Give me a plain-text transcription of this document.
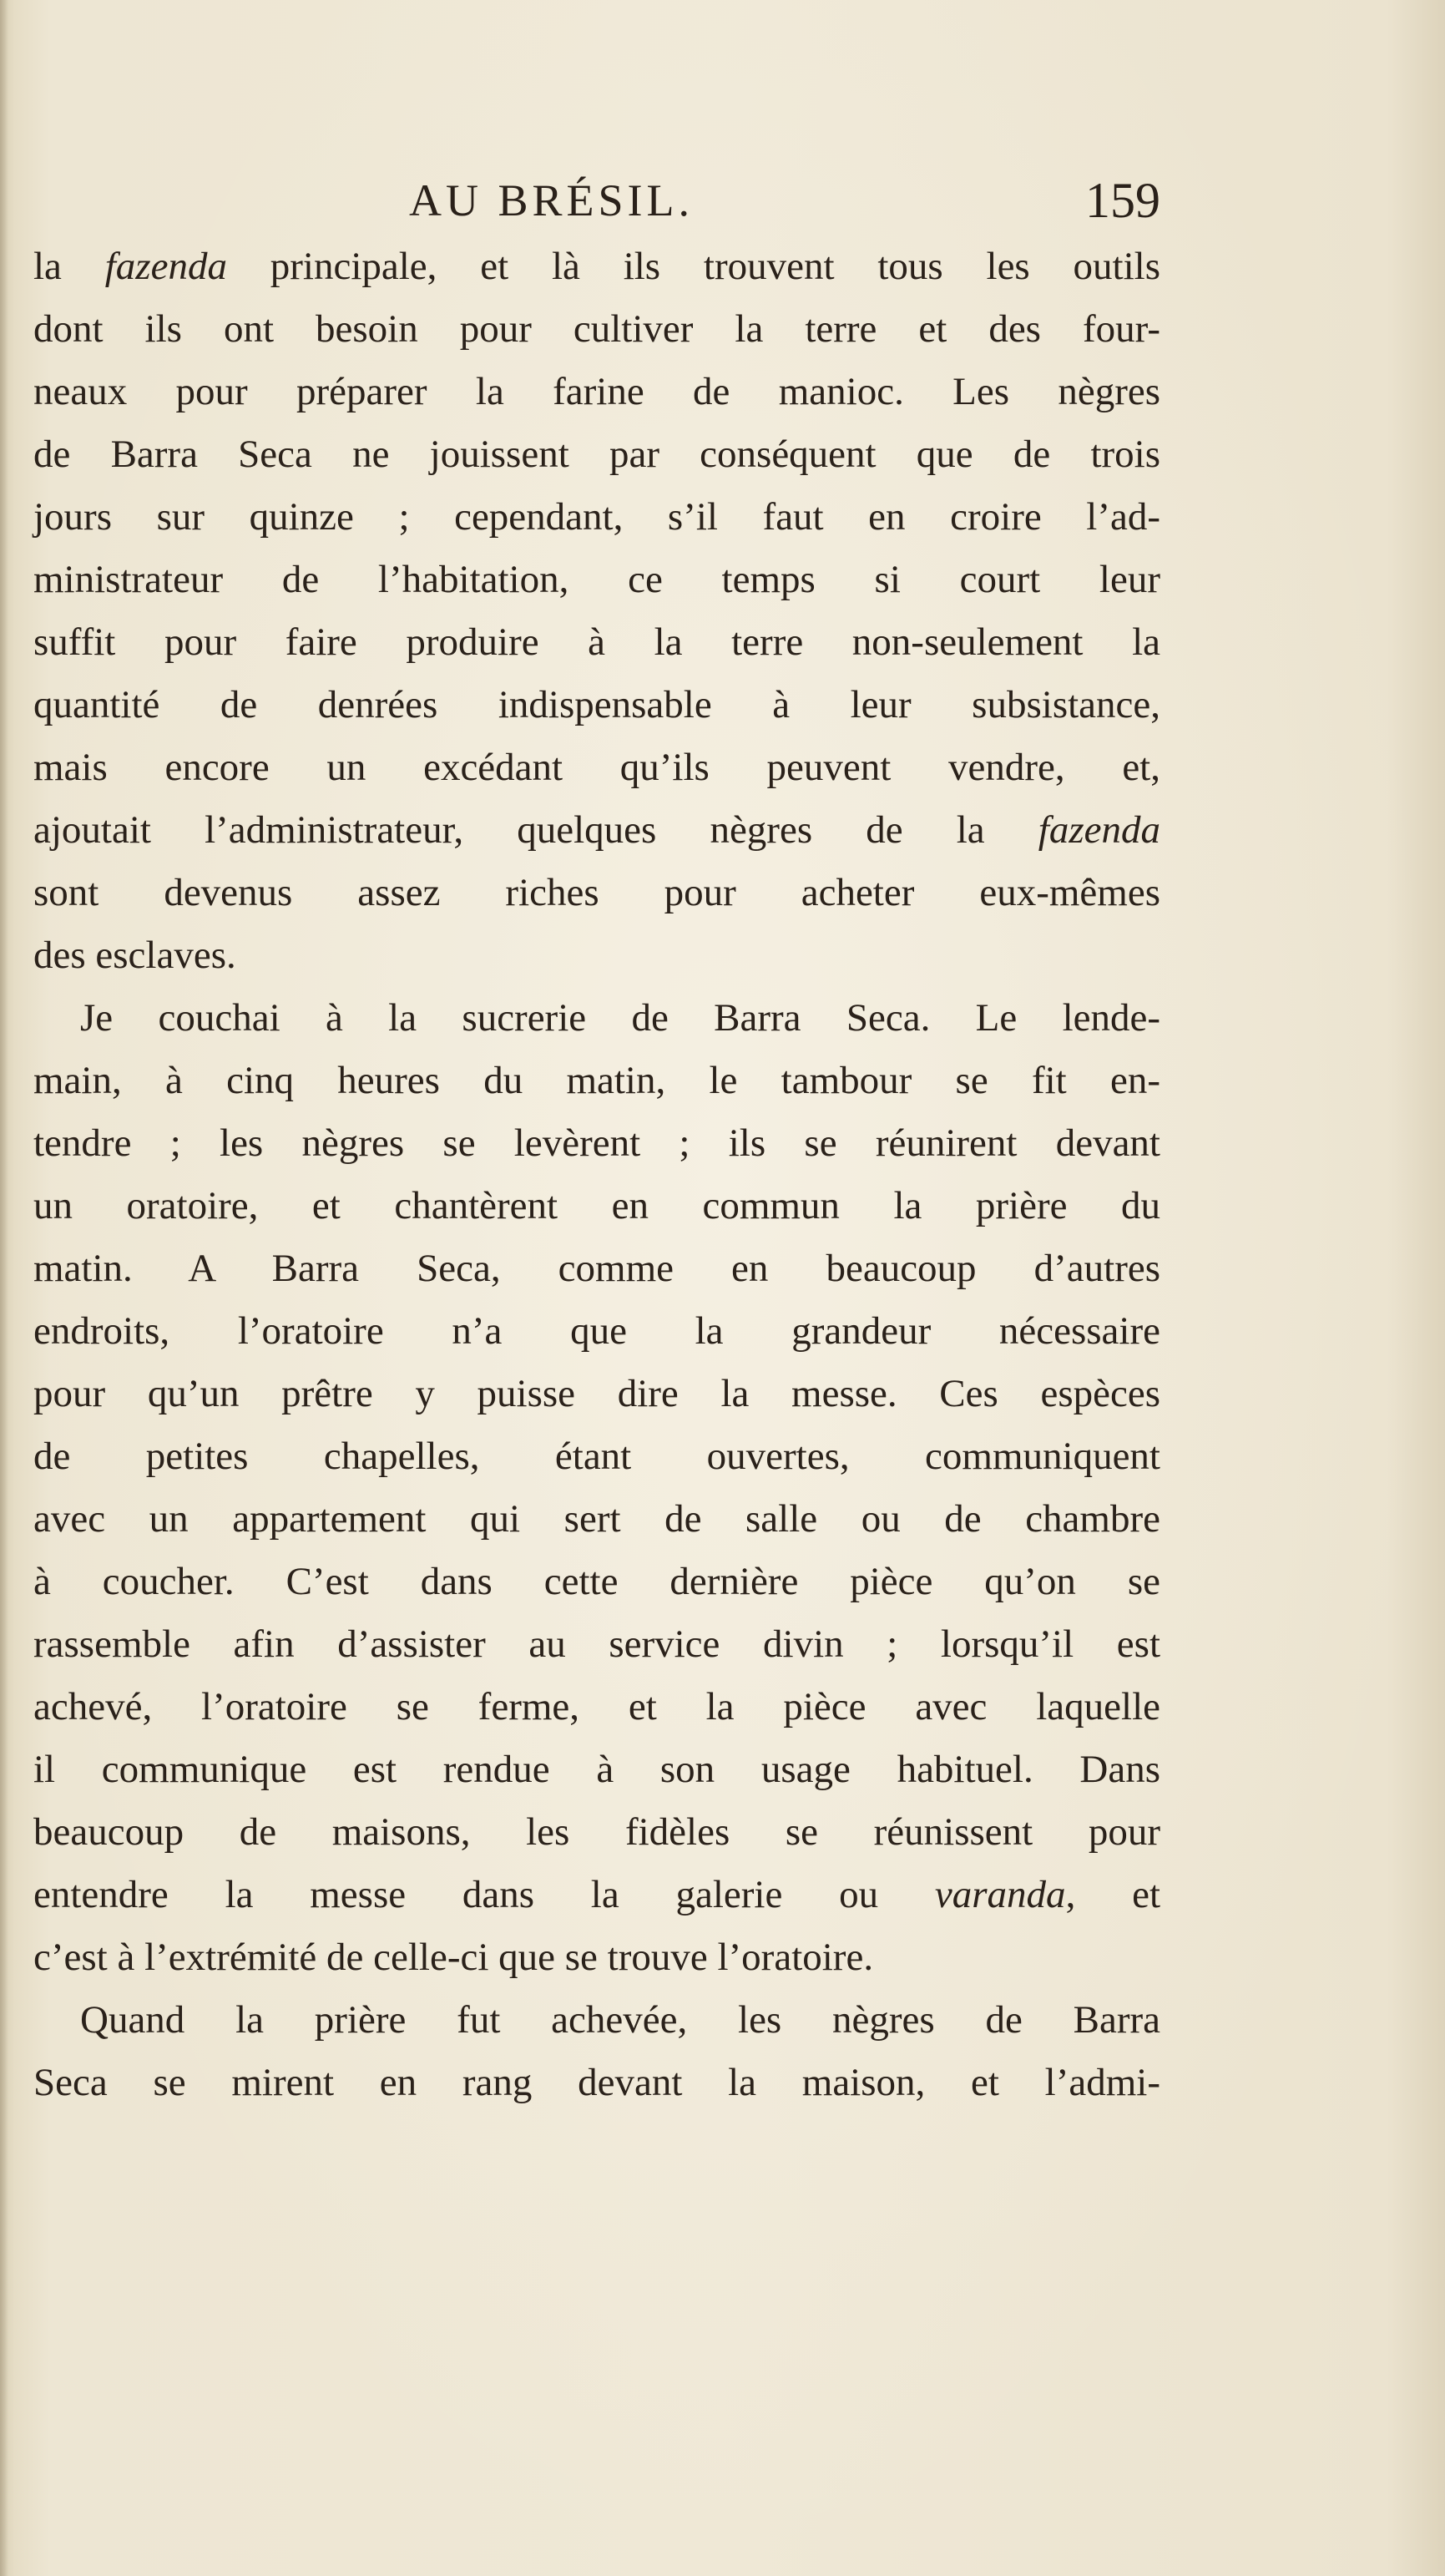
AU BRÉSIL.	159
la fazenda principale, et là ils trouvent tous les outils
dont ils ont besoin pour cultiver la terre et des four-
neaux pour préparer la farine de manioc. Les nègres
de Barra Seca ne jouissent par conséquent que de trois
jours sur quinze ; cependant, s’il faut en croire l’ad-
ministrateur de l’habitation, ce temps si court leur
suffit pour faire produire à la terre non-seulement la
quantité de denrées indispensable à leur subsistance,
mais encore un excédant qu’ils peuvent vendre, et,
ajoutait l’administrateur, quelques nègres de la fazenda
sont devenus assez riches pour acheter eux-mêmes
des esclaves.
Je couchai à la sucrerie de Barra Seca. Le lende-
main, à cinq heures du matin, le tambour se fit en-
tendre ; les nègres se levèrent ; ils se réunirent devant
un oratoire, et chantèrent en commun la prière du
matin. A Barra Seca, comme en beaucoup d’autres
endroits, l’oratoire n’a que la grandeur nécessaire
pour qu’un prêtre y puisse dire la messe. Ces espèces
de petites chapelles, étant ouvertes, communiquent
avec un appartement qui sert de salle ou de chambre
à coucher. C’est dans cette dernière pièce qu’on se
rassemble afin d’assister au service divin ; lorsqu’il est
achevé, l’oratoire se ferme, et la pièce avec laquelle
il communique est rendue à son usage habituel. Dans
beaucoup de maisons, les fidèles se réunissent pour
entendre la messe dans la galerie ou varanda, et
c’est à l’extrémité de celle-ci que se trouve l’oratoire.
Quand la prière fut achevée, les nègres de Barra
Seca se mirent en rang devant la maison, et l’admi-
